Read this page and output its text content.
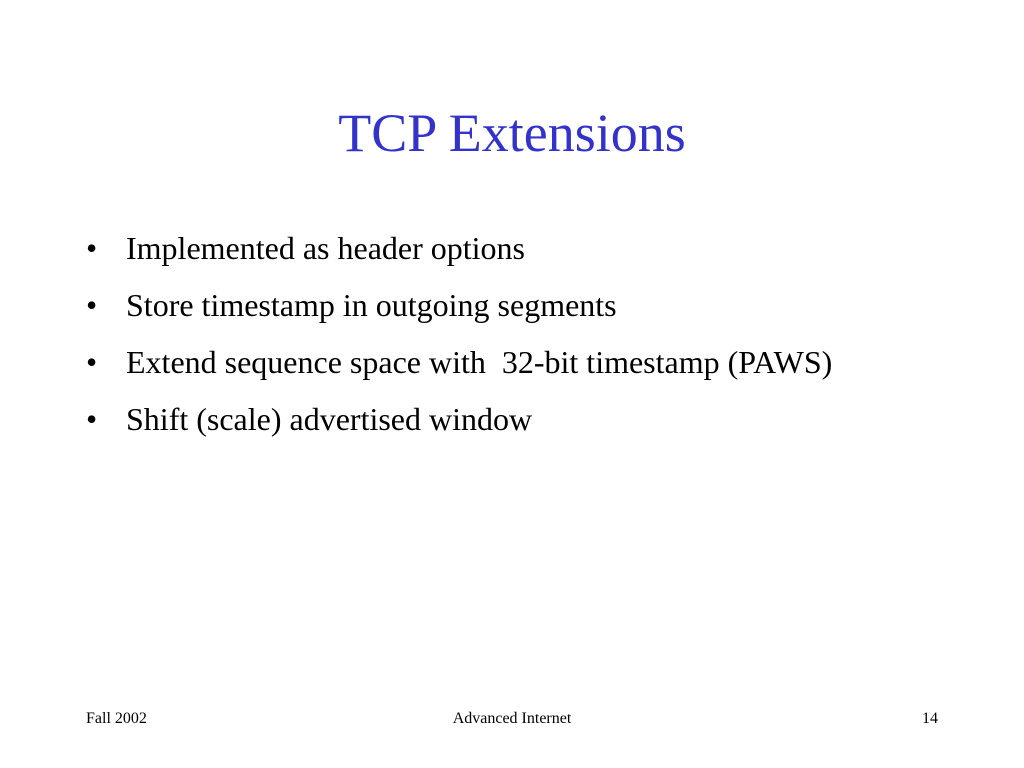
TCP Extensions
• Implemented as header options
• Store timestamp in outgoing segments
• Extend sequence space with  32-bit timestamp (PAWS)
• Shift (scale) advertised window
Fall 2002	Advanced Internet	14
